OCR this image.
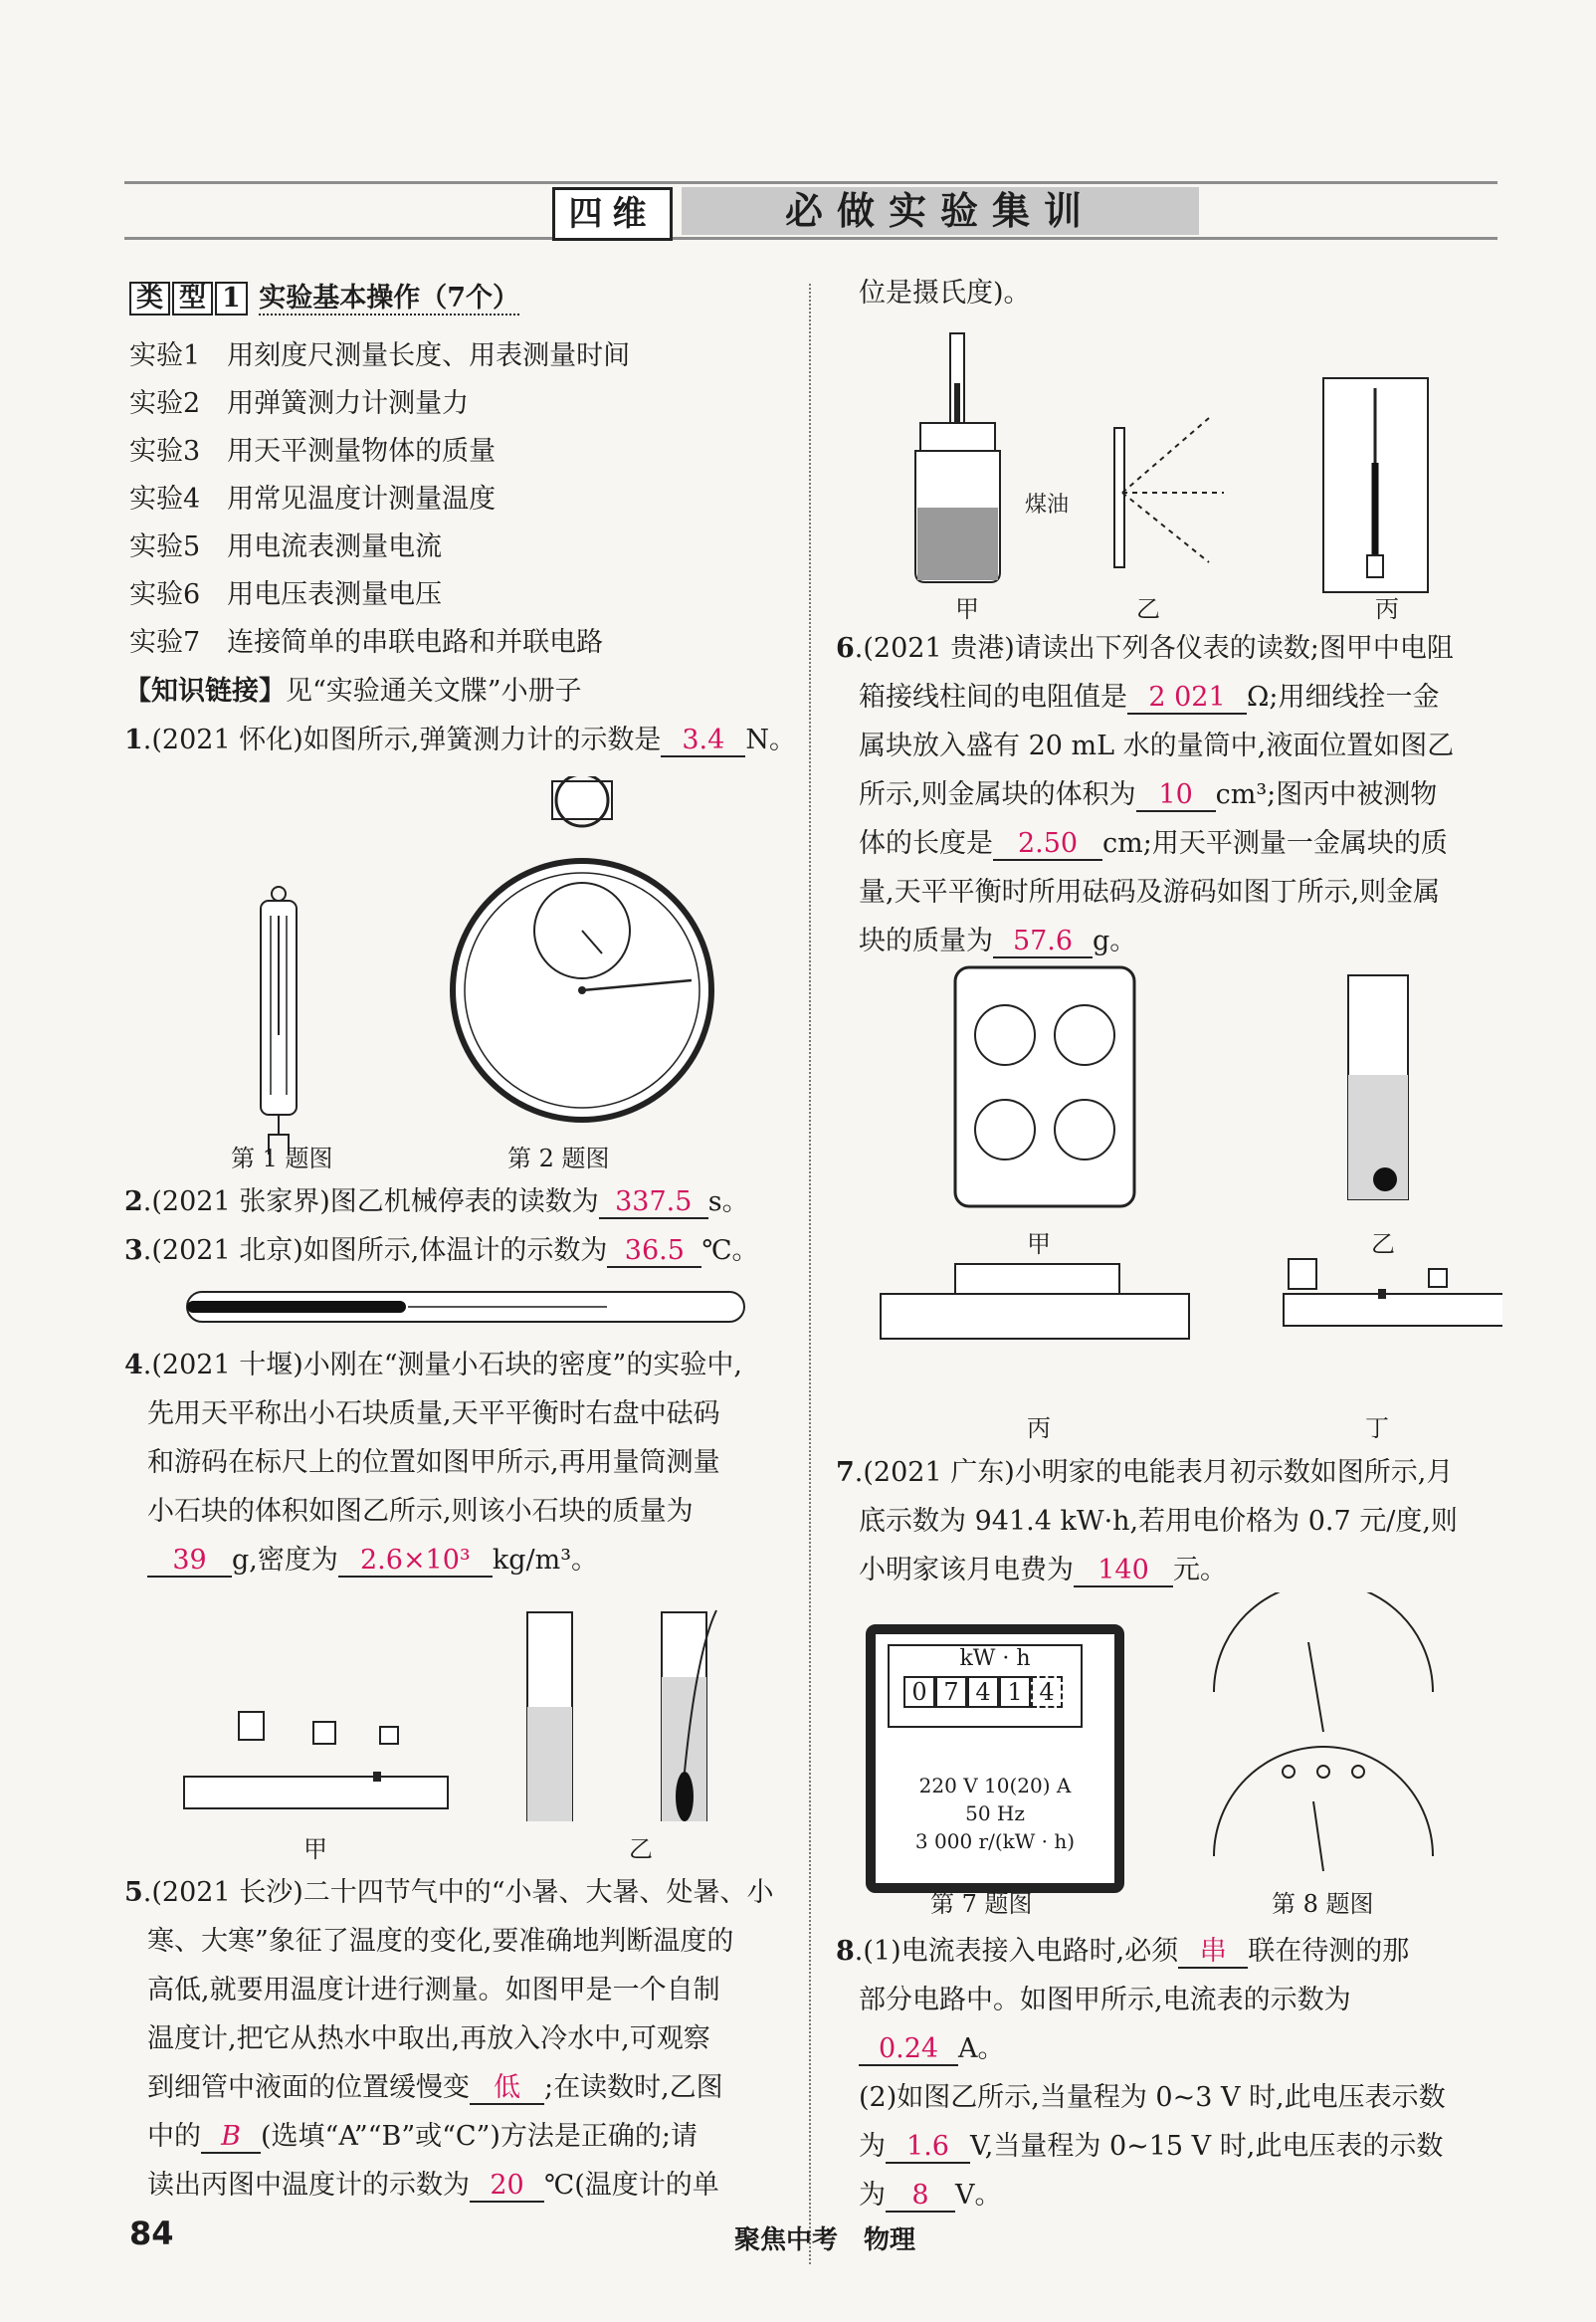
四维	必做实验集训
类 型 1 实验基本操作（7个）
实验1　用刻度尺测量长度、用表测量时间
实验2　用弹簧测力计测量力
实验3　用天平测量物体的质量
实验4　用常见温度计测量温度
实验5　用电流表测量电流
实验6　用电压表测量电压
实验7　连接简单的串联电路和并联电路
【知识链接】见“实验通关文牒”小册子
1.(2021 怀化)如图所示,弹簧测力计的示数是 3.4 N。
第 1 题图	第 2 题图
2.(2021 张家界)图乙机械停表的读数为 337.5 s。
3.(2021 北京)如图所示,体温计的示数为 36.5 ℃。
4.(2021 十堰)小刚在“测量小石块的密度”的实验中,
先用天平称出小石块质量,天平平衡时右盘中砝码
和游码在标尺上的位置如图甲所示,再用量筒测量
小石块的体积如图乙所示,则该小石块的质量为
39 g,密度为 2.6×10³ kg/m³。
甲	乙
5.(2021 长沙)二十四节气中的“小暑、大暑、处暑、小
寒、大寒”象征了温度的变化,要准确地判断温度的
高低,就要用温度计进行测量。如图甲是一个自制
温度计,把它从热水中取出,再放入冷水中,可观察
到细管中液面的位置缓慢变 低 ;在读数时,乙图
中的 B (选填“A”“B”或“C”)方法是正确的;请
读出丙图中温度计的示数为 20 ℃(温度计的单
位是摄氏度)。
煤油
甲	乙	丙
6.(2021 贵港)请读出下列各仪表的读数;图甲中电阻
箱接线柱间的电阻值是 2 021 Ω;用细线拴一金
属块放入盛有 20 mL 水的量筒中,液面位置如图乙
所示,则金属块的体积为 10 cm³;图丙中被测物
体的长度是 2.50 cm;用天平测量一金属块的质
量,天平平衡时所用砝码及游码如图丁所示,则金属
块的质量为 57.6 g。
甲	乙
丙	丁
7.(2021 广东)小明家的电能表月初示数如图所示,月
底示数为 941.4 kW·h,若用电价格为 0.7 元/度,则
小明家该月电费为 140 元。
kW · h
0 7 4 1 4
220 V 10(20) A
50 Hz
3 000 r/(kW · h)
第 7 题图	第 8 题图
8.(1)电流表接入电路时,必须 串 联在待测的那
部分电路中。如图甲所示,电流表的示数为
0.24 A。
(2)如图乙所示,当量程为 0~3 V 时,此电压表示数
为 1.6 V,当量程为 0~15 V 时,此电压表的示数
为 8 V。
84	聚焦中考　物理
